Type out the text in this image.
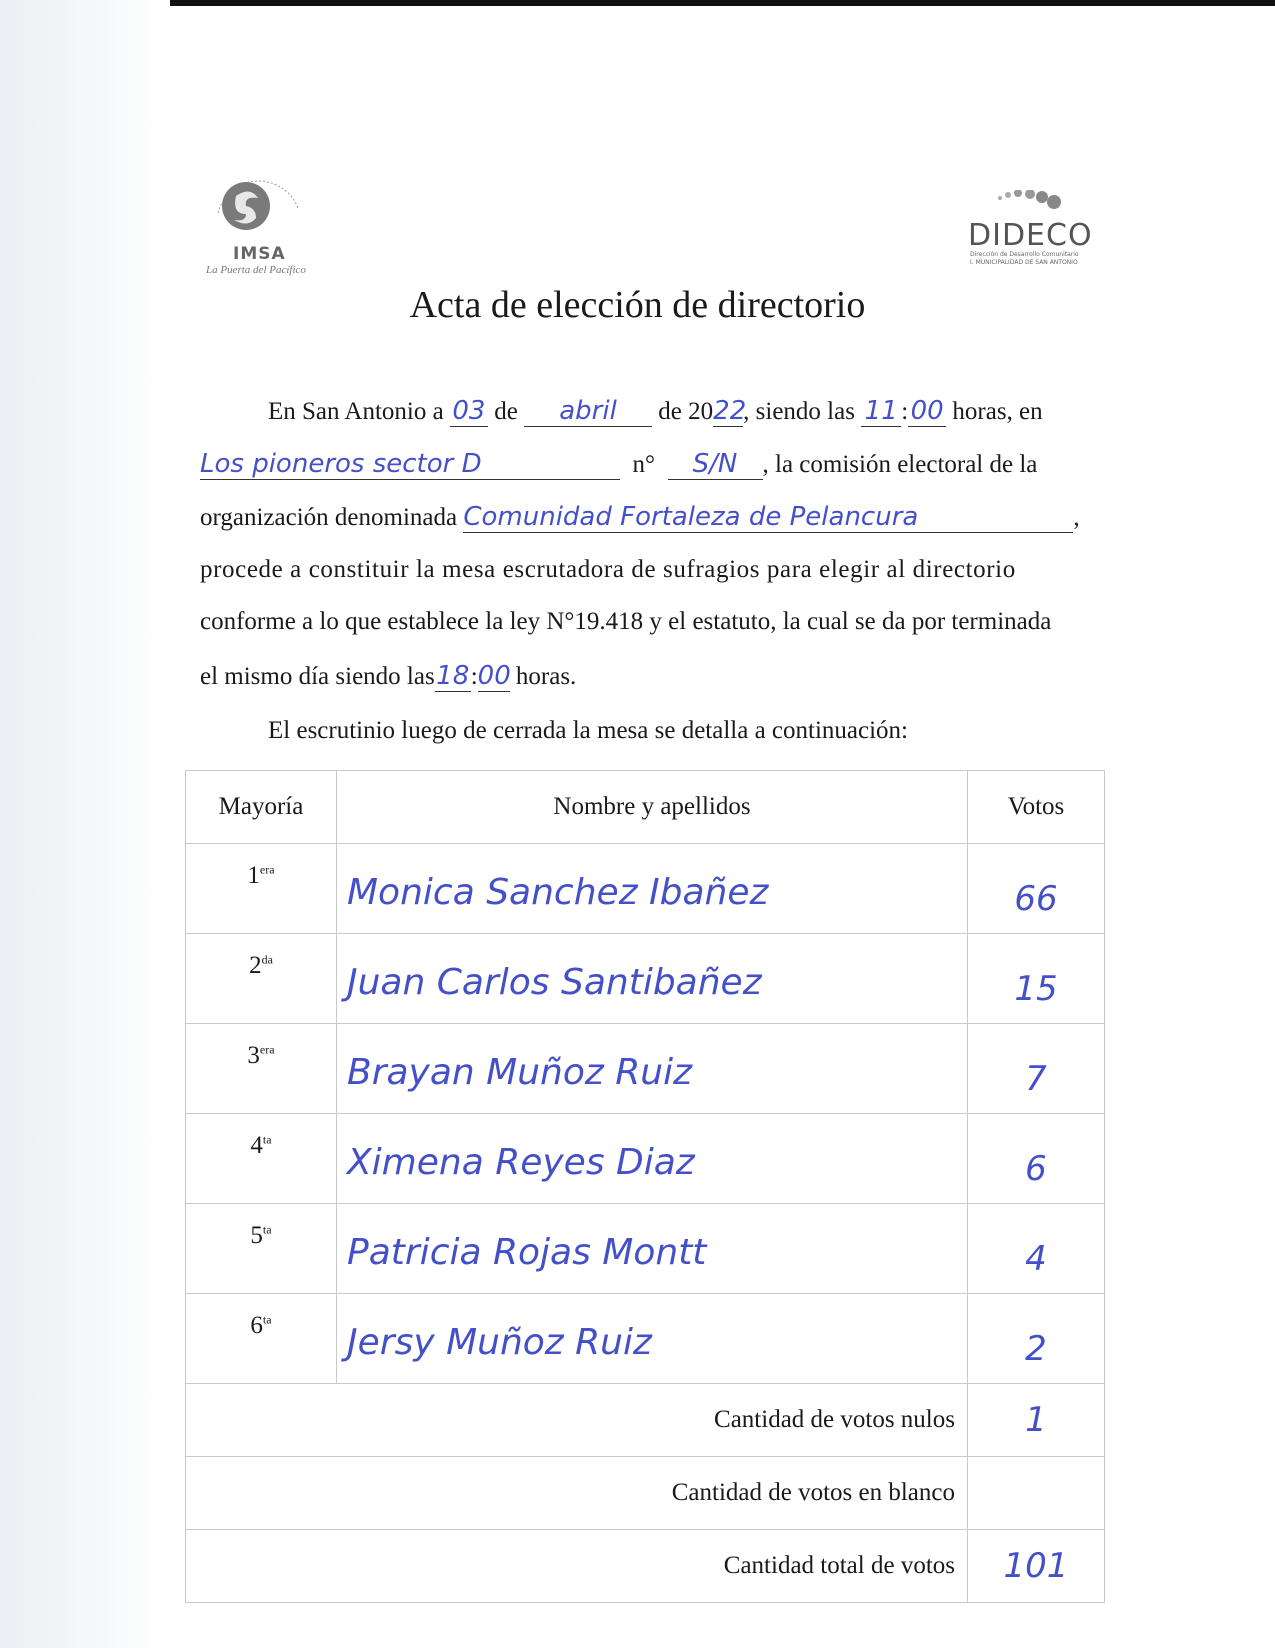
IMSA
La Puerta del Pacífico
DIDECO
Dirección de Desarrollo Comunitario
I. MUNICIPALIDAD DE SAN ANTONIO
Acta de elección de directorio
En San Antonio a 03 de abril de 2022, siendo las 11 :00 horas, en
Los pioneros sector D	n° S/N , la comisión electoral de la
organización denominada Comunidad Fortaleza de Pelancura	,
procede a constituir la mesa escrutadora de sufragios para elegir al directorio
conforme a lo que establece la ley N°19.418 y el estatuto, la cual se da por terminada
el mismo día siendo las18:00 horas.
El escrutinio luego de cerrada la mesa se detalla a continuación:
Mayoría	Nombre y apellidos	Votos
$1^{era}$	Monica Sanchez Ibañez	66
$2^{da}$	Juan Carlos Santibañez	15
$3^{era}$	Brayan Muñoz Ruiz	7
$4^{ta}$	Ximena Reyes Diaz	6
$5^{ta}$	Patricia Rojas Montt	4
$6^{ta}$	Jersy Muñoz Ruiz	2
Cantidad de votos nulos		1
Cantidad de votos en blanco		
Cantidad total de votos		101
